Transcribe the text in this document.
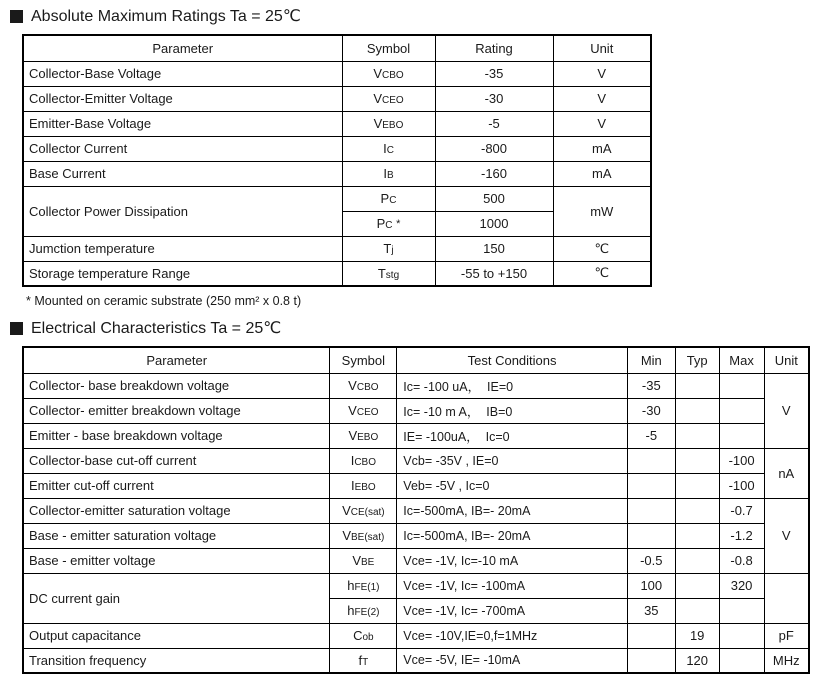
Absolute Maximum Ratings Ta = 25℃
Parameter	Symbol	Rating	Unit
Collector-Base Voltage	VCBO	-35	V
Collector-Emitter Voltage	VCEO	-30	V
Emitter-Base Voltage	VEBO	-5	V
Collector Current	IC	-800	mA
Base Current	IB	-160	mA
Collector Power Dissipation	PC	500	mW
	PC *	1000	
Jumction temperature	Tj	150	℃
Storage temperature Range	Tstg	-55 to +150	℃
* Mounted on ceramic substrate (250 mm² x 0.8 t)
Electrical Characteristics Ta = 25℃
Parameter	Symbol	Test Conditions	Min	Typ	Max	Unit
Collector- base breakdown voltage	VCBO	Ic= -100 uA，  IE=0	-35			V
Collector- emitter breakdown voltage	VCEO	Ic= -10 m A，  IB=0	-30			
Emitter - base breakdown voltage	VEBO	IE= -100uA，  Ic=0	-5			
Collector-base cut-off current	ICBO	Vcb= -35V , IE=0			-100	nA
Emitter cut-off current	IEBO	Veb= -5V , Ic=0			-100	
Collector-emitter saturation voltage	VCE(sat)	Ic=-500mA, IB=- 20mA			-0.7	V
Base - emitter saturation voltage	VBE(sat)	Ic=-500mA, IB=- 20mA			-1.2	
Base - emitter voltage	VBE	Vce= -1V, Ic=-10 mA	-0.5		-0.8	
DC current gain	hFE(1)	Vce= -1V, Ic= -100mA	100		320	
	hFE(2)	Vce= -1V, Ic= -700mA	35			
Output capacitance	Cob	Vce= -10V,IE=0,f=1MHz		19		pF
Transition frequency	fT	Vce= -5V, IE= -10mA		120		MHz
